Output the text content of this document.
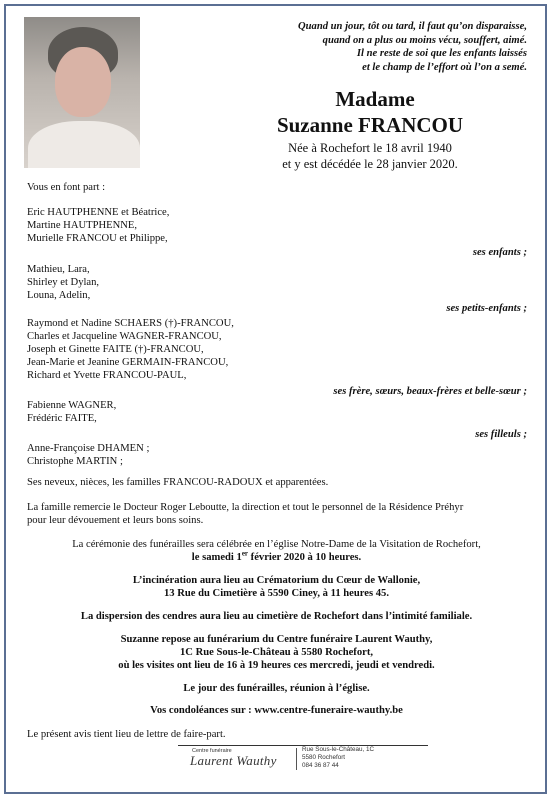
Quand un jour, tôt ou tard, il faut qu’on disparaisse,
quand on a plus ou moins vécu, souffert, aimé.
Il ne reste de soi que les enfants laissés
et le champ de l’effort où l’on a semé.
Madame
Suzanne FRANCOU
Née à Rochefort le 18 avril 1940
et y est décédée le 28 janvier 2020.
Vous en font part :
Eric HAUTPHENNE et Béatrice,
Martine HAUTPHENNE,
Murielle FRANCOU et Philippe,
ses enfants ;
Mathieu, Lara,
Shirley et Dylan,
Louna, Adelin,
ses petits-enfants ;
Raymond et Nadine SCHAERS (†)-FRANCOU,
Charles et Jacqueline WAGNER-FRANCOU,
Joseph et Ginette FAITE (†)-FRANCOU,
Jean-Marie et Jeanine GERMAIN-FRANCOU,
Richard et Yvette FRANCOU-PAUL,
ses frère, sœurs, beaux-frères et belle-sœur ;
Fabienne WAGNER,
Frédéric FAITE,
ses filleuls ;
Anne-Françoise DHAMEN ;
Christophe MARTIN ;
Ses neveux, nièces, les familles FRANCOU-RADOUX et apparentées.
La famille remercie le Docteur Roger Leboutte, la direction et tout le personnel de la Résidence Préhyr
pour leur dévouement et leurs bons soins.
La cérémonie des funérailles sera célébrée en l’église Notre-Dame de la Visitation de Rochefort,
le samedi 1er février 2020 à 10 heures.
L’incinération aura lieu au Crématorium du Cœur de Wallonie,
13 Rue du Cimetière à 5590 Ciney, à 11 heures 45.
La dispersion des cendres aura lieu au cimetière de Rochefort dans l’intimité familiale.
Suzanne repose au funérarium du Centre funéraire Laurent Wauthy,
1C Rue Sous-le-Château à 5580 Rochefort,
où les visites ont lieu de 16 à 19 heures ces mercredi, jeudi et vendredi.
Le jour des funérailles, réunion à l’église.
Vos condoléances sur : www.centre-funeraire-wauthy.be
Le présent avis tient lieu de lettre de faire-part.
Centre funéraire
Laurent Wauthy
Rue Sous-le-Château, 1C
5580 Rochefort
084 36 87 44
